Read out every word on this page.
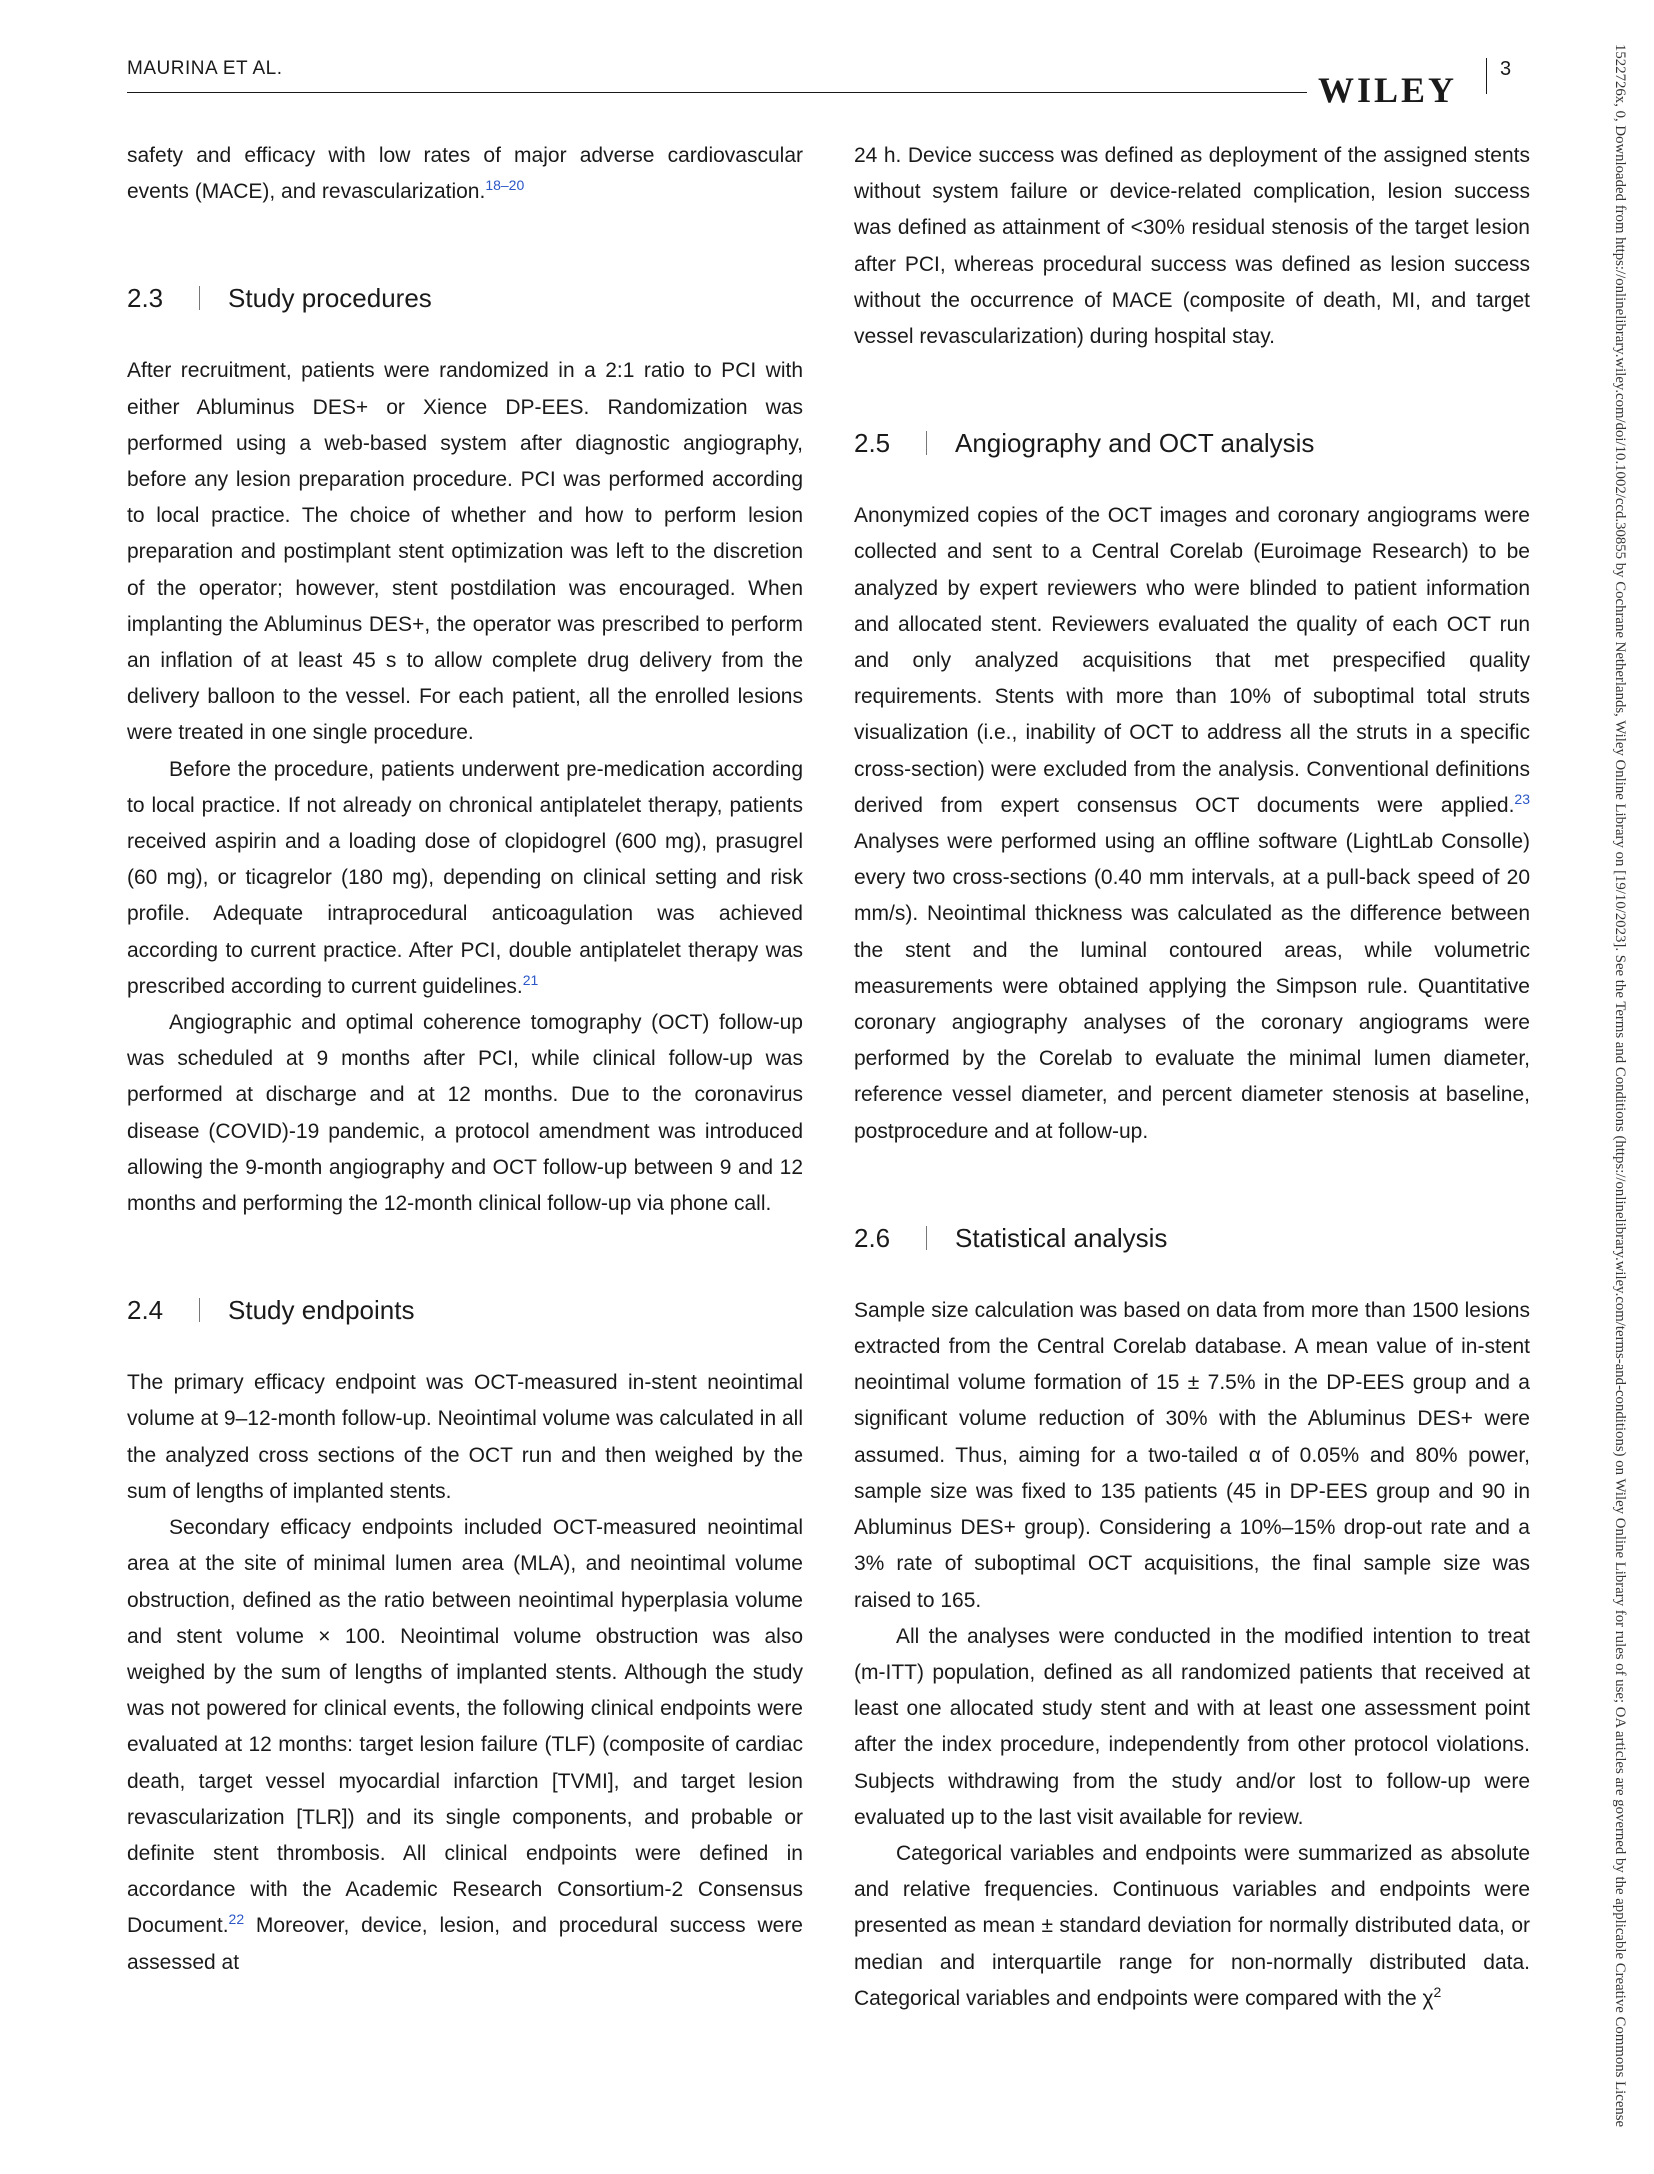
MAURINA ET AL.
WILEY
3	1522726x, 0, Downloaded from https://onlinelibrary.wiley.com/doi/10.1002/ccd.30855 by Cochrane Netherlands, Wiley Online Library on [19/10/2023]. See the Terms and Conditions (https://onlinelibrary.wiley.com/terms-and-conditions) on Wiley Online Library for rules of use; OA articles are governed by the applicable Creative Commons License

safety and efficacy with low rates of major adverse cardiovascular events (MACE), and revascularization.$^{18-20}$

2.3	Study procedures

After recruitment, patients were randomized in a 2:1 ratio to PCI with either Abluminus DES+ or Xience DP-EES. Randomization was performed using a web-based system after diagnostic angiography, before any lesion preparation procedure. PCI was performed according to local practice. The choice of whether and how to perform lesion preparation and postimplant stent optimization was left to the discretion of the operator; however, stent postdilation was encouraged. When implanting the Abluminus DES+, the operator was prescribed to perform an inflation of at least 45 s to allow complete drug delivery from the delivery balloon to the vessel. For each patient, all the enrolled lesions were treated in one single procedure.

Before the procedure, patients underwent pre-medication according to local practice. If not already on chronical antiplatelet therapy, patients received aspirin and a loading dose of clopidogrel (600 mg), prasugrel (60 mg), or ticagrelor (180 mg), depending on clinical setting and risk profile. Adequate intraprocedural anticoagulation was achieved according to current practice. After PCI, double antiplatelet therapy was prescribed according to current guidelines.$^{21}$

Angiographic and optimal coherence tomography (OCT) follow-up was scheduled at 9 months after PCI, while clinical follow-up was performed at discharge and at 12 months. Due to the coronavirus disease (COVID)-19 pandemic, a protocol amendment was introduced allowing the 9-month angiography and OCT follow-up between 9 and 12 months and performing the 12-month clinical follow-up via phone call.

2.4	Study endpoints

The primary efficacy endpoint was OCT-measured in-stent neointimal volume at 9–12-month follow-up. Neointimal volume was calculated in all the analyzed cross sections of the OCT run and then weighed by the sum of lengths of implanted stents.

Secondary efficacy endpoints included OCT-measured neointimal area at the site of minimal lumen area (MLA), and neointimal volume obstruction, defined as the ratio between neointimal hyperplasia volume and stent volume × 100. Neointimal volume obstruction was also weighed by the sum of lengths of implanted stents. Although the study was not powered for clinical events, the following clinical endpoints were evaluated at 12 months: target lesion failure (TLF) (composite of cardiac death, target vessel myocardial infarction [TVMI], and target lesion revascularization [TLR]) and its single components, and probable or definite stent thrombosis. All clinical endpoints were defined in accordance with the Academic Research Consortium-2 Consensus Document.$^{22}$ Moreover, device, lesion, and procedural success were assessed at

24 h. Device success was defined as deployment of the assigned stents without system failure or device-related complication, lesion success was defined as attainment of <30% residual stenosis of the target lesion after PCI, whereas procedural success was defined as lesion success without the occurrence of MACE (composite of death, MI, and target vessel revascularization) during hospital stay.

2.5	Angiography and OCT analysis

Anonymized copies of the OCT images and coronary angiograms were collected and sent to a Central Corelab (Euroimage Research) to be analyzed by expert reviewers who were blinded to patient information and allocated stent. Reviewers evaluated the quality of each OCT run and only analyzed acquisitions that met prespecified quality requirements. Stents with more than 10% of suboptimal total struts visualization (i.e., inability of OCT to address all the struts in a specific cross-section) were excluded from the analysis. Conventional definitions derived from expert consensus OCT documents were applied.$^{23}$ Analyses were performed using an offline software (LightLab Consolle) every two cross-sections (0.40 mm intervals, at a pull-back speed of 20 mm/s). Neointimal thickness was calculated as the difference between the stent and the luminal contoured areas, while volumetric measurements were obtained applying the Simpson rule. Quantitative coronary angiography analyses of the coronary angiograms were performed by the Corelab to evaluate the minimal lumen diameter, reference vessel diameter, and percent diameter stenosis at baseline, postprocedure and at follow-up.

2.6	Statistical analysis

Sample size calculation was based on data from more than 1500 lesions extracted from the Central Corelab database. A mean value of in-stent neointimal volume formation of 15 ± 7.5% in the DP-EES group and a significant volume reduction of 30% with the Abluminus DES+ were assumed. Thus, aiming for a two-tailed α of 0.05% and 80% power, sample size was fixed to 135 patients (45 in DP-EES group and 90 in Abluminus DES+ group). Considering a 10%–15% drop-out rate and a 3% rate of suboptimal OCT acquisitions, the final sample size was raised to 165.

All the analyses were conducted in the modified intention to treat (m-ITT) population, defined as all randomized patients that received at least one allocated study stent and with at least one assessment point after the index procedure, independently from other protocol violations. Subjects withdrawing from the study and/or lost to follow-up were evaluated up to the last visit available for review.

Categorical variables and endpoints were summarized as absolute and relative frequencies. Continuous variables and endpoints were presented as mean ± standard deviation for normally distributed data, or median and interquartile range for non-normally distributed data. Categorical variables and endpoints were compared with the $\chi^2$
